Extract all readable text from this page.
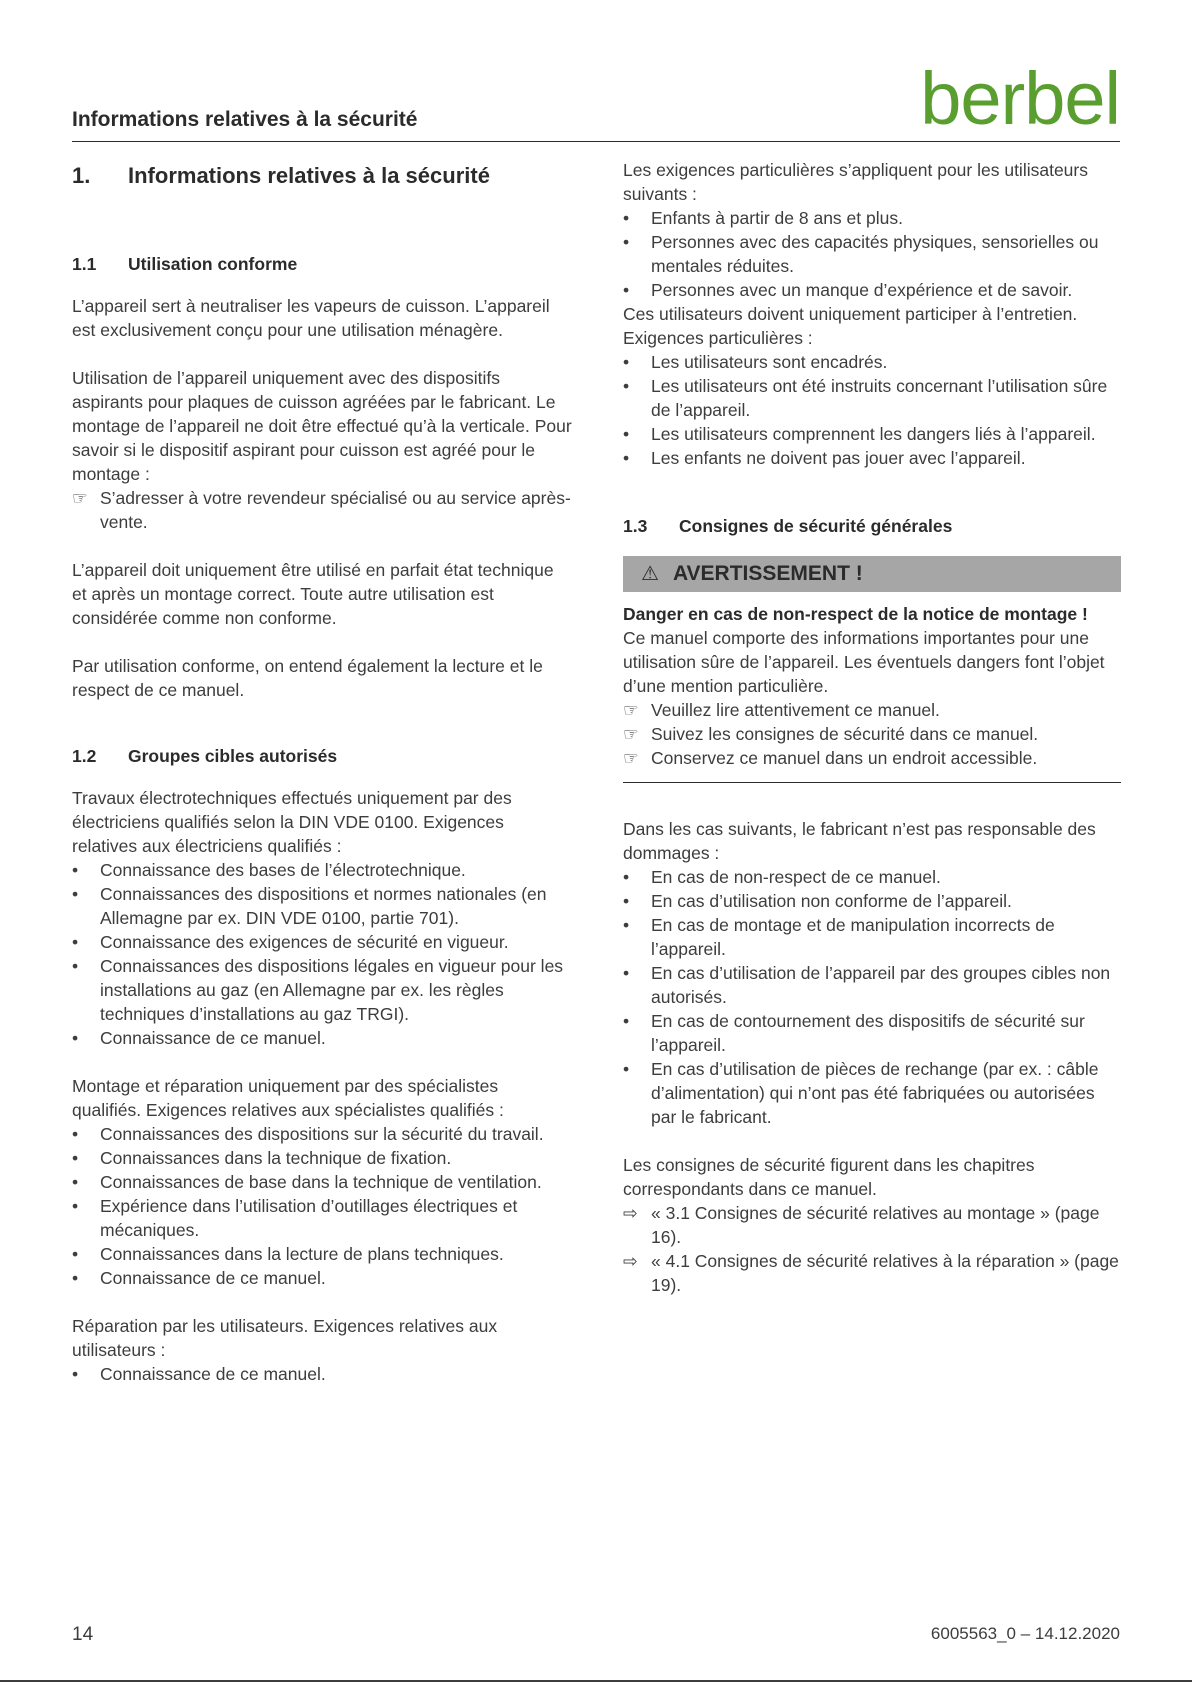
Informations relatives à la sécurité	berbel
1.	Informations relatives à la sécurité
1.1	Utilisation conforme

L’appareil sert à neutraliser les vapeurs de cuisson. L’appareil est exclusivement conçu pour une utilisation ménagère.

Utilisation de l’appareil uniquement avec des dispositifs aspirants pour plaques de cuisson agréées par le fabricant. Le montage de l’appareil ne doit être effectué qu’à la verticale. Pour savoir si le dispositif aspirant pour cuisson est agréé pour le montage :

☞ S’adresser à votre revendeur spécialisé ou au service après-vente.

L’appareil doit uniquement être utilisé en parfait état technique et après un montage correct. Toute autre utilisation est considérée comme non conforme.

Par utilisation conforme, on entend également la lecture et le respect de ce manuel.

1.2	Groupes cibles autorisés

Travaux électrotechniques effectués uniquement par des électriciens qualifiés selon la DIN VDE 0100. Exigences relatives aux électriciens qualifiés :

•	Connaissance des bases de l’électrotechnique.
•	Connaissances des dispositions et normes nationales (en Allemagne par ex. DIN VDE 0100, partie 701).
•	Connaissance des exigences de sécurité en vigueur.
•	Connaissances des dispositions légales en vigueur pour les installations au gaz (en Allemagne par ex. les règles techniques d’installations au gaz TRGI).
•	Connaissance de ce manuel.

Montage et réparation uniquement par des spécialistes qualifiés. Exigences relatives aux spécialistes qualifiés :

•	Connaissances des dispositions sur la sécurité du travail.
•	Connaissances dans la technique de fixation.
•	Connaissances de base dans la technique de ventilation.
•	Expérience dans l’utilisation d’outillages électriques et mécaniques.
•	Connaissances dans la lecture de plans techniques.
•	Connaissance de ce manuel.

Réparation par les utilisateurs. Exigences relatives aux utilisateurs :

•	Connaissance de ce manuel.

Les exigences particulières s’appliquent pour les utilisateurs suivants :

•	Enfants à partir de 8 ans et plus.
•	Personnes avec des capacités physiques, sensorielles ou mentales réduites.
•	Personnes avec un manque d’expérience et de savoir.

Ces utilisateurs doivent uniquement participer à l’entretien.

Exigences particulières :

•	Les utilisateurs sont encadrés.
•	Les utilisateurs ont été instruits concernant l’utilisation sûre de l’appareil.
•	Les utilisateurs comprennent les dangers liés à l’appareil.
•	Les enfants ne doivent pas jouer avec l’appareil.
1.3	Consignes de sécurité générales
⚠ AVERTISSEMENT !

Danger en cas de non-respect de la notice de montage !

Ce manuel comporte des informations importantes pour une utilisation sûre de l’appareil. Les éventuels dangers font l’objet d’une mention particulière.

☞ Veuillez lire attentivement ce manuel.
☞ Suivez les consignes de sécurité dans ce manuel.
☞ Conservez ce manuel dans un endroit accessible.

Dans les cas suivants, le fabricant n’est pas responsable des dommages :

•	En cas de non-respect de ce manuel.
•	En cas d’utilisation non conforme de l’appareil.
•	En cas de montage et de manipulation incorrects de l’appareil.
•	En cas d’utilisation de l’appareil par des groupes cibles non autorisés.
•	En cas de contournement des dispositifs de sécurité sur l’appareil.
•	En cas d’utilisation de pièces de rechange (par ex. : câble d’alimentation) qui n’ont pas été fabriquées ou autorisées par le fabricant.

Les consignes de sécurité figurent dans les chapitres correspondants dans ce manuel.

⇨ « 3.1 Consignes de sécurité relatives au montage » (page 16).
⇨ « 4.1 Consignes de sécurité relatives à la réparation » (page 19).
14	6005563_0 – 14.12.2020
